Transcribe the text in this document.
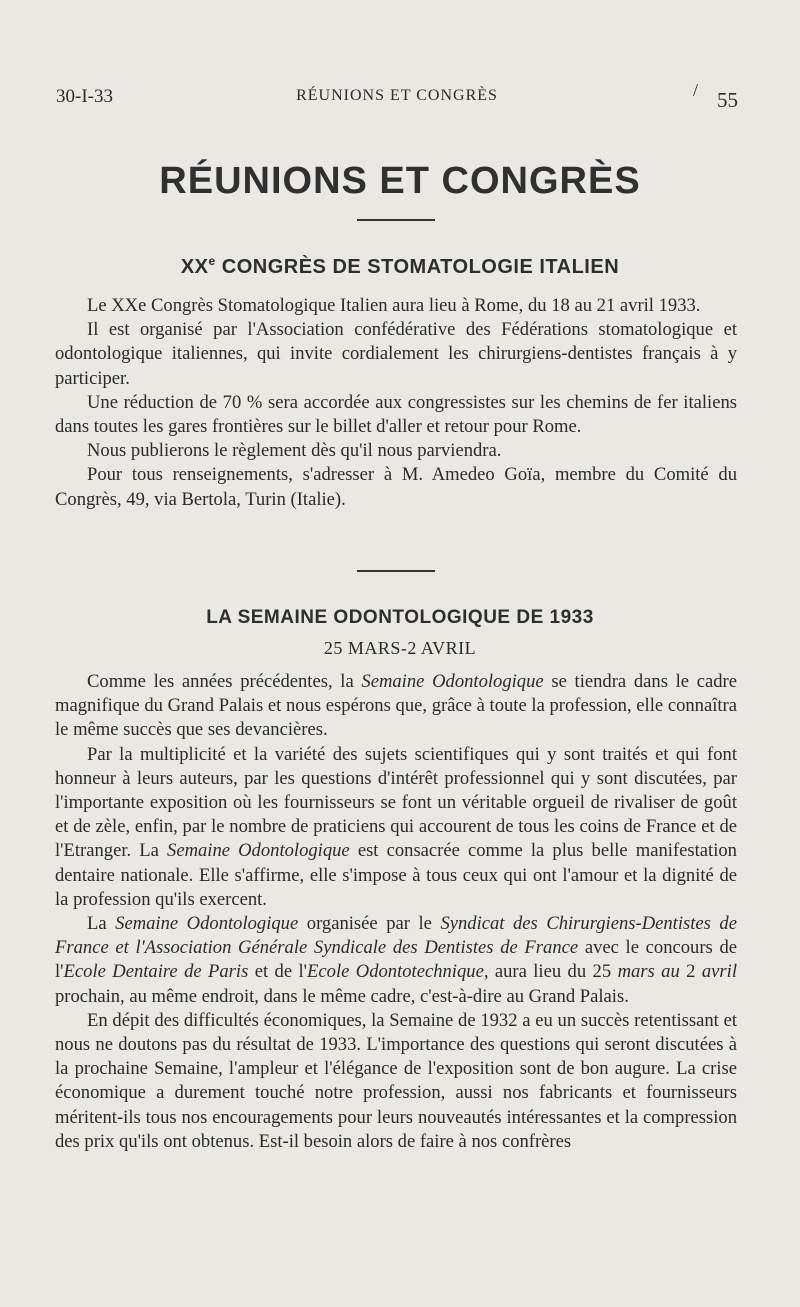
30-I-33	RÉUNIONS ET CONGRÈS	/ 55
RÉUNIONS ET CONGRÈS
XXe CONGRÈS DE STOMATOLOGIE ITALIEN

Le XXe Congrès Stomatologique Italien aura lieu à Rome, du 18 au 21 avril 1933.

Il est organisé par l'Association confédérative des Fédérations stomatologique et odontologique italiennes, qui invite cordialement les chirurgiens-dentistes français à y participer.

Une réduction de 70 % sera accordée aux congressistes sur les chemins de fer italiens dans toutes les gares frontières sur le billet d'aller et retour pour Rome.

Nous publierons le règlement dès qu'il nous parviendra.

Pour tous renseignements, s'adresser à M. Amedeo Goïa, membre du Comité du Congrès, 49, via Bertola, Turin (Italie).

LA SEMAINE ODONTOLOGIQUE DE 1933
25 MARS-2 AVRIL

Comme les années précédentes, la Semaine Odontologique se tiendra dans le cadre magnifique du Grand Palais et nous espérons que, grâce à toute la profession, elle connaîtra le même succès que ses devancières.

Par la multiplicité et la variété des sujets scientifiques qui y sont traités et qui font honneur à leurs auteurs, par les questions d'intérêt professionnel qui y sont discutées, par l'importante exposition où les fournisseurs se font un véritable orgueil de rivaliser de goût et de zèle, enfin, par le nombre de praticiens qui accourent de tous les coins de France et de l'Etranger. La Semaine Odontologique est consacrée comme la plus belle manifestation dentaire nationale. Elle s'affirme, elle s'impose à tous ceux qui ont l'amour et la dignité de la profession qu'ils exercent.

La Semaine Odontologique organisée par le Syndicat des Chirurgiens-Dentistes de France et l'Association Générale Syndicale des Dentistes de France avec le concours de l'Ecole Dentaire de Paris et de l'Ecole Odontotechnique, aura lieu du 25 mars au 2 avril prochain, au même endroit, dans le même cadre, c'est-à-dire au Grand Palais.

En dépit des difficultés économiques, la Semaine de 1932 a eu un succès retentissant et nous ne doutons pas du résultat de 1933. L'importance des questions qui seront discutées à la prochaine Semaine, l'ampleur et l'élégance de l'exposition sont de bon augure. La crise économique a durement touché notre profession, aussi nos fabricants et fournisseurs méritent-ils tous nos encouragements pour leurs nouveautés intéressantes et la compression des prix qu'ils ont obtenus. Est-il besoin alors de faire à nos confrères
